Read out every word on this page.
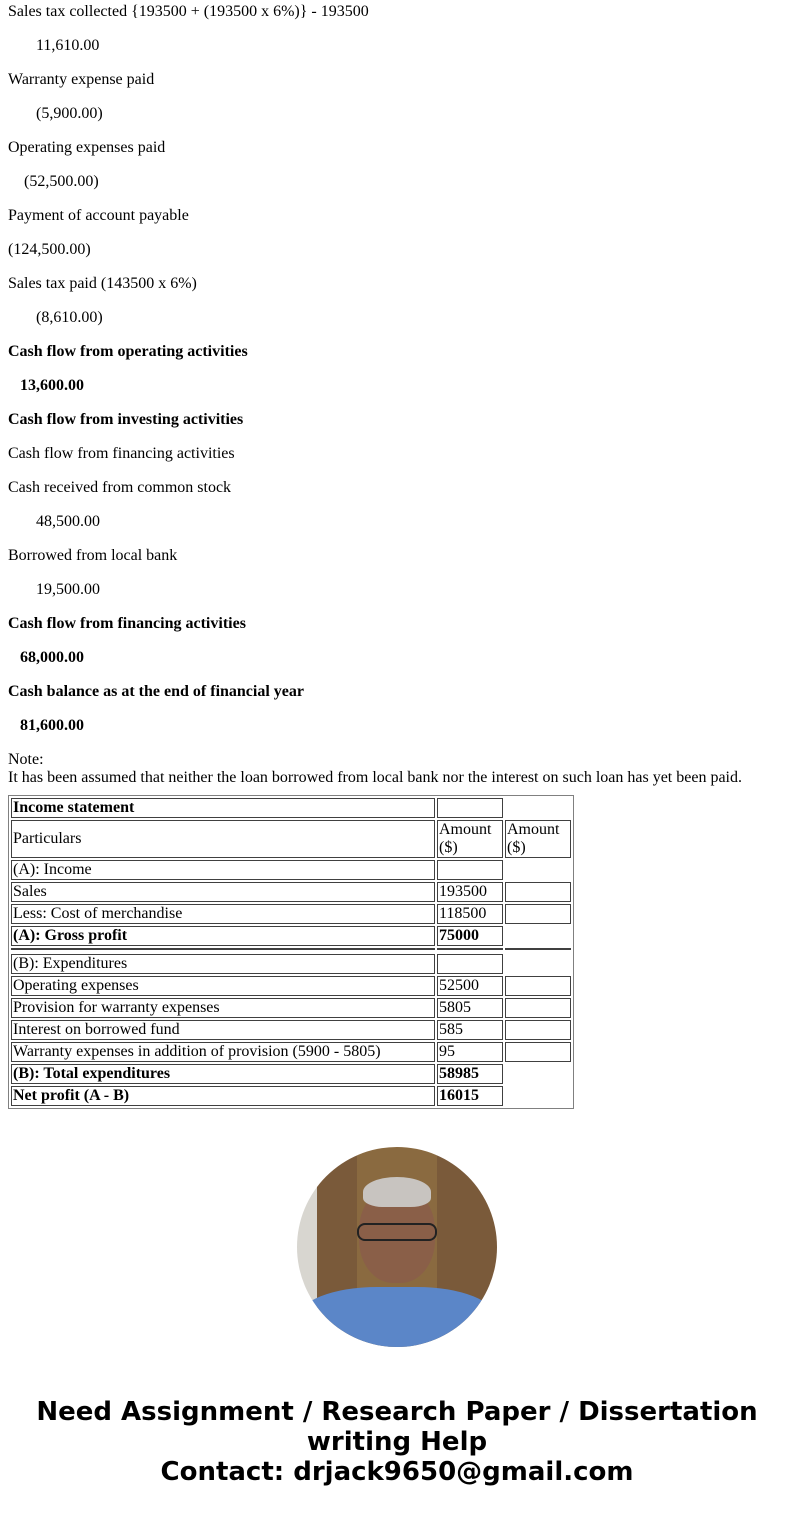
Sales tax collected {193500 + (193500 x 6%)} - 193500

11,610.00

Warranty expense paid

(5,900.00)

Operating expenses paid

(52,500.00)

Payment of account payable

(124,500.00)

Sales tax paid (143500 x 6%)

(8,610.00)

Cash flow from operating activities

13,600.00

Cash flow from investing activities

Cash flow from financing activities

Cash received from common stock

48,500.00

Borrowed from local bank

19,500.00

Cash flow from financing activities

68,000.00

Cash balance as at the end of financial year

81,600.00

Note:
It has been assumed that neither the loan borrowed from local bank nor the interest on such loan has yet been paid.
Income statement		
Particulars	Amount ($)	Amount ($)
(A): Income		
Sales	193500	
Less: Cost of merchandise	118500	
(A): Gross profit	75000	

(B): Expenditures		
Operating expenses	52500	
Provision for warranty expenses	5805	
Interest on borrowed fund	585	
Warranty expenses in addition of provision (5900 - 5805)	95	
(B): Total expenditures	58985	
Net profit (A - B)	16015	
Need Assignment / Research Paper / Dissertation writing Help
Contact: drjack9650@gmail.com
